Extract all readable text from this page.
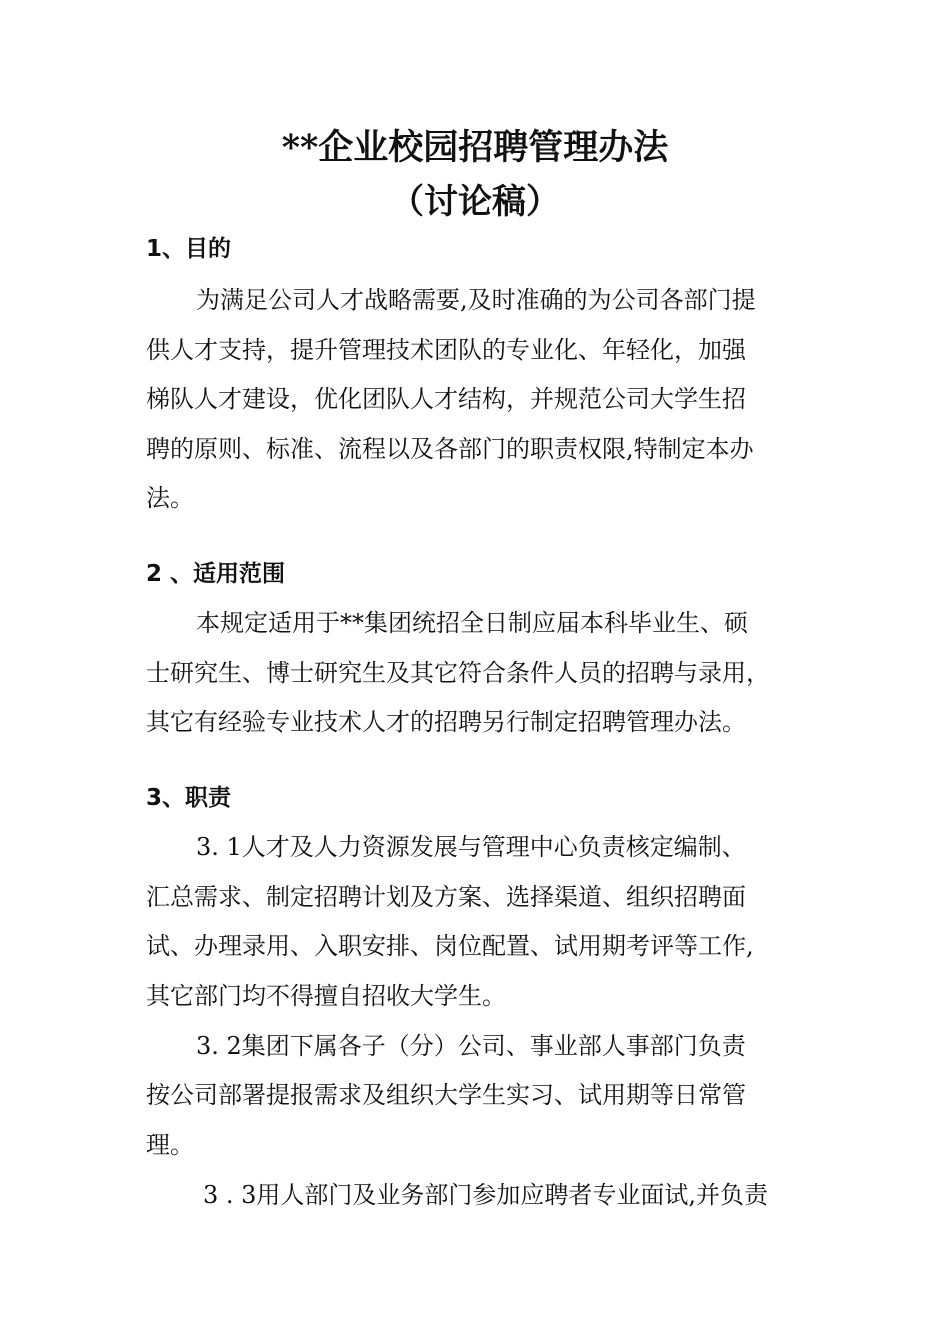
**企业校园招聘管理办法
（讨论稿）
1、目的
为满足公司人才战略需要,及时准确的为公司各部门提
供人才支持，提升管理技术团队的专业化、年轻化，加强
梯队人才建设，优化团队人才结构，并规范公司大学生招
聘的原则、标准、流程以及各部门的职责权限,特制定本办
法。
2 、适用范围
本规定适用于**集团统招全日制应届本科毕业生、硕
士研究生、博士研究生及其它符合条件人员的招聘与录用，
其它有经验专业技术人才的招聘另行制定招聘管理办法。
3、职责
3. 1人才及人力资源发展与管理中心负责核定编制、
汇总需求、制定招聘计划及方案、选择渠道、组织招聘面
试、办理录用、入职安排、岗位配置、试用期考评等工作,
其它部门均不得擅自招收大学生。
3. 2集团下属各子（分）公司、事业部人事部门负责
按公司部署提报需求及组织大学生实习、试用期等日常管
理。
3 . 3用人部门及业务部门参加应聘者专业面试,并负责
